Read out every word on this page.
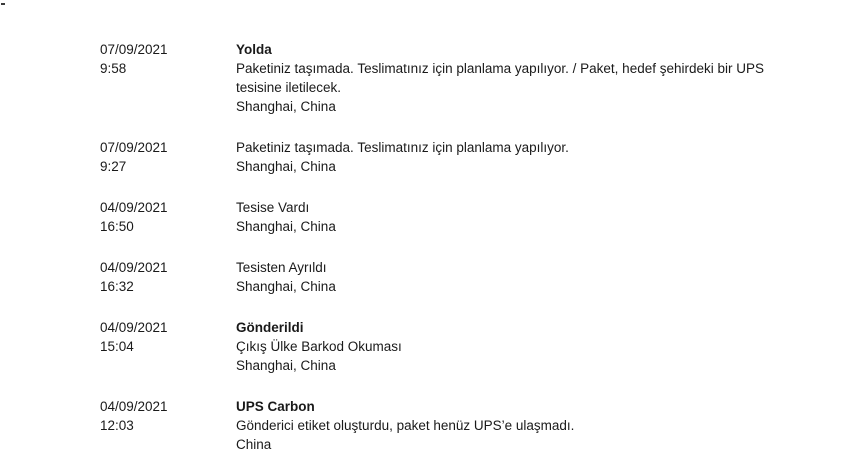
07/09/2021
9:58
Yolda
Paketiniz taşımada. Teslimatınız için planlama yapılıyor. / Paket, hedef şehirdeki bir UPS tesisine iletilecek.
Shanghai, China
07/09/2021
9:27
Paketiniz taşımada. Teslimatınız için planlama yapılıyor.
Shanghai, China
04/09/2021
16:50
Tesise Vardı
Shanghai, China
04/09/2021
16:32
Tesisten Ayrıldı
Shanghai, China
04/09/2021
15:04
Gönderildi
Çıkış Ülke Barkod Okuması
Shanghai, China
04/09/2021
12:03
UPS Carbon
Gönderici etiket oluşturdu, paket henüz UPS’e ulaşmadı.
China
